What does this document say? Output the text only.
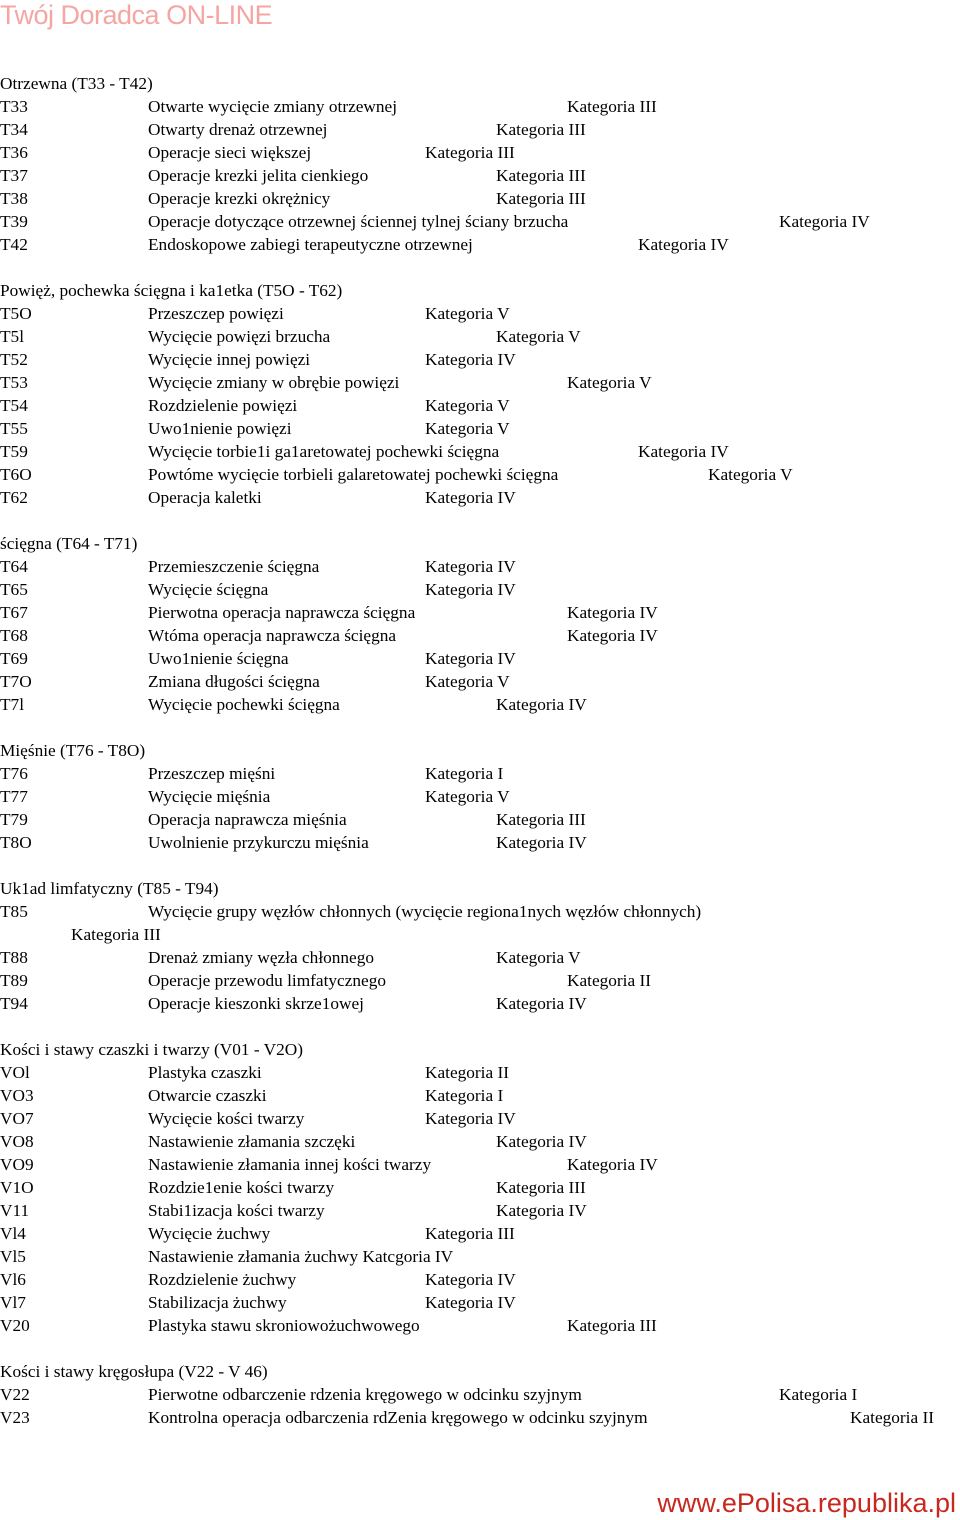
Twój Doradca ON-LINE
Otrzewna (T33 - T42)
T33	Otwarte wycięcie zmiany otrzewnej	Kategoria III
T34	Otwarty drenaż otrzewnej	Kategoria III
T36	Operacje sieci większej	Kategoria III
T37	Operacje krezki jelita cienkiego	Kategoria III
T38	Operacje krezki okrężnicy	Kategoria III
T39	Operacje dotyczące otrzewnej ściennej tylnej ściany brzucha	Kategoria IV
T42	Endoskopowe zabiegi terapeutyczne otrzewnej	Kategoria IV
Powięż, pochewka ścięgna i ka1etka (T5O - T62)
T5O	Przeszczep powięzi	Kategoria V
T5l	Wycięcie powięzi brzucha	Kategoria V
T52	Wycięcie innej powięzi	Kategoria IV
T53	Wycięcie zmiany w obrębie powięzi	Kategoria V
T54	Rozdzielenie powięzi	Kategoria V
T55	Uwo1nienie powięzi	Kategoria V
T59	Wycięcie torbie1i ga1aretowatej pochewki ścięgna	Kategoria IV
T6O	Powtóme wycięcie torbieli galaretowatej pochewki ścięgna	Kategoria V
T62	Operacja kaletki	Kategoria IV
ścięgna (T64 - T71)
T64	Przemieszczenie ścięgna	Kategoria IV
T65	Wycięcie ścięgna	Kategoria IV
T67	Pierwotna operacja naprawcza ścięgna	Kategoria IV
T68	Wtóma operacja naprawcza ścięgna	Kategoria IV
T69	Uwo1nienie ścięgna	Kategoria IV
T7O	Zmiana długości ścięgna	Kategoria V
T7l	Wycięcie pochewki ścięgna	Kategoria IV
Mięśnie (T76 - T8O)
T76	Przeszczep mięśni	Kategoria I
T77	Wycięcie mięśnia	Kategoria V
T79	Operacja naprawcza mięśnia	Kategoria III
T8O	Uwolnienie przykurczu mięśnia	Kategoria IV
Uk1ad limfatyczny (T85 - T94)
T85	Wycięcie grupy węzłów chłonnych (wycięcie regiona1nych węzłów chłonnych)
Kategoria III
T88	Drenaż zmiany węzła chłonnego	Kategoria V
T89	Operacje przewodu limfatycznego	Kategoria II
T94	Operacje kieszonki skrze1owej	Kategoria IV
Kości i stawy czaszki i twarzy (V01 - V2O)
VOl	Plastyka czaszki	Kategoria II
VO3	Otwarcie czaszki	Kategoria I
VO7	Wycięcie kości twarzy	Kategoria IV
VO8	Nastawienie złamania szczęki	Kategoria IV
VO9	Nastawienie złamania innej kości twarzy	Kategoria IV
V1O	Rozdzie1enie kości twarzy	Kategoria III
V11	Stabi1izacja kości twarzy	Kategoria IV
Vl4	Wycięcie żuchwy	Kategoria III
Vl5	Nastawienie złamania żuchwy Katcgoria IV
Vl6	Rozdzielenie żuchwy	Kategoria IV
Vl7	Stabilizacja żuchwy	Kategoria IV
V20	Plastyka stawu skroniowożuchwowego	Kategoria III
Kości i stawy kręgosłupa (V22 - V 46)
V22	Pierwotne odbarczenie rdzenia kręgowego w odcinku szyjnym	Kategoria I
V23	Kontrolna operacja odbarczenia rdZenia kręgowego w odcinku szyjnym	Kategoria II
www.ePolisa.republika.pl
